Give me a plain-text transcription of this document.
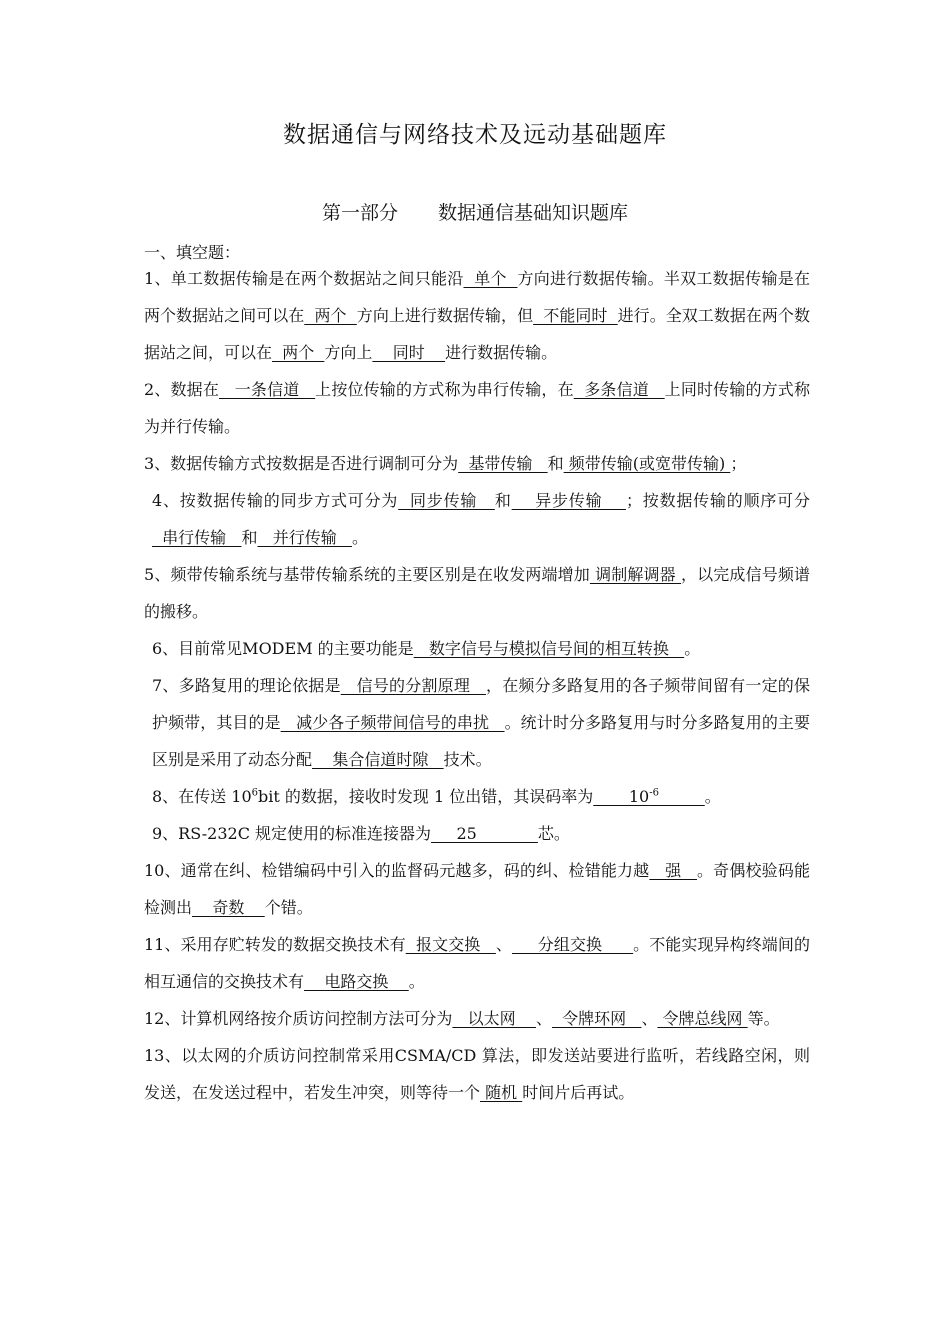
数据通信与网络技术及远动基础题库
第一部分 数据通信基础知识题库
一、填空题：

1、单工数据传输是在两个数据站之间只能沿  单个  方向进行数据传输。半双工数据传输是在两个数据站之间可以在  两个  方向上进行数据传输，但  不能同时  进行。全双工数据在两个数据站之间，可以在  两个  方向上    同时    进行数据传输。

2、数据在   一条信道   上按位传输的方式称为串行传输，在  多条信道   上同时传输的方式称为并行传输。

3、数据传输方式按数据是否进行调制可分为  基带传输   和 频带传输(或宽带传输) ；

4、按数据传输的同步方式可分为  同步传输   和    异步传输    ；按数据传输的顺序可分  串行传输   和   并行传输   。

5、频带传输系统与基带传输系统的主要区别是在收发两端增加 调制解调器 ，以完成信号频谱的搬移。

6、目前常见MODEM 的主要功能是   数字信号与模拟信号间的相互转换   。

7、多路复用的理论依据是   信号的分割原理   ，在频分多路复用的各子频带间留有一定的保护频带，其目的是   减少各子频带间信号的串扰   。统计时分多路复用与时分多路复用的主要区别是采用了动态分配    集合信道时隙   技术。

8、在传送 $10^6bit$ 的数据，接收时发现 1 位出错，其误码率为       $10^{-6}$	。

9、RS-232C 规定使用的标准连接器为     25            芯。

10、通常在纠、检错编码中引入的监督码元越多，码的纠、检错能力越   强   。奇偶校验码能检测出    奇数    个错。

11、采用存贮转发的数据交换技术有  报文交换   、     分组交换      。不能实现异构终端间的相互通信的交换技术有    电路交换    。

12、计算机网络按介质访问控制方法可分为   以太网    、  令牌环网   、 令牌总线网 等。

13、以太网的介质访问控制常采用CSMA/CD 算法，即发送站要进行监听，若线路空闲，则发送，在发送过程中，若发生冲突，则等待一个 随机 时间片后再试。
